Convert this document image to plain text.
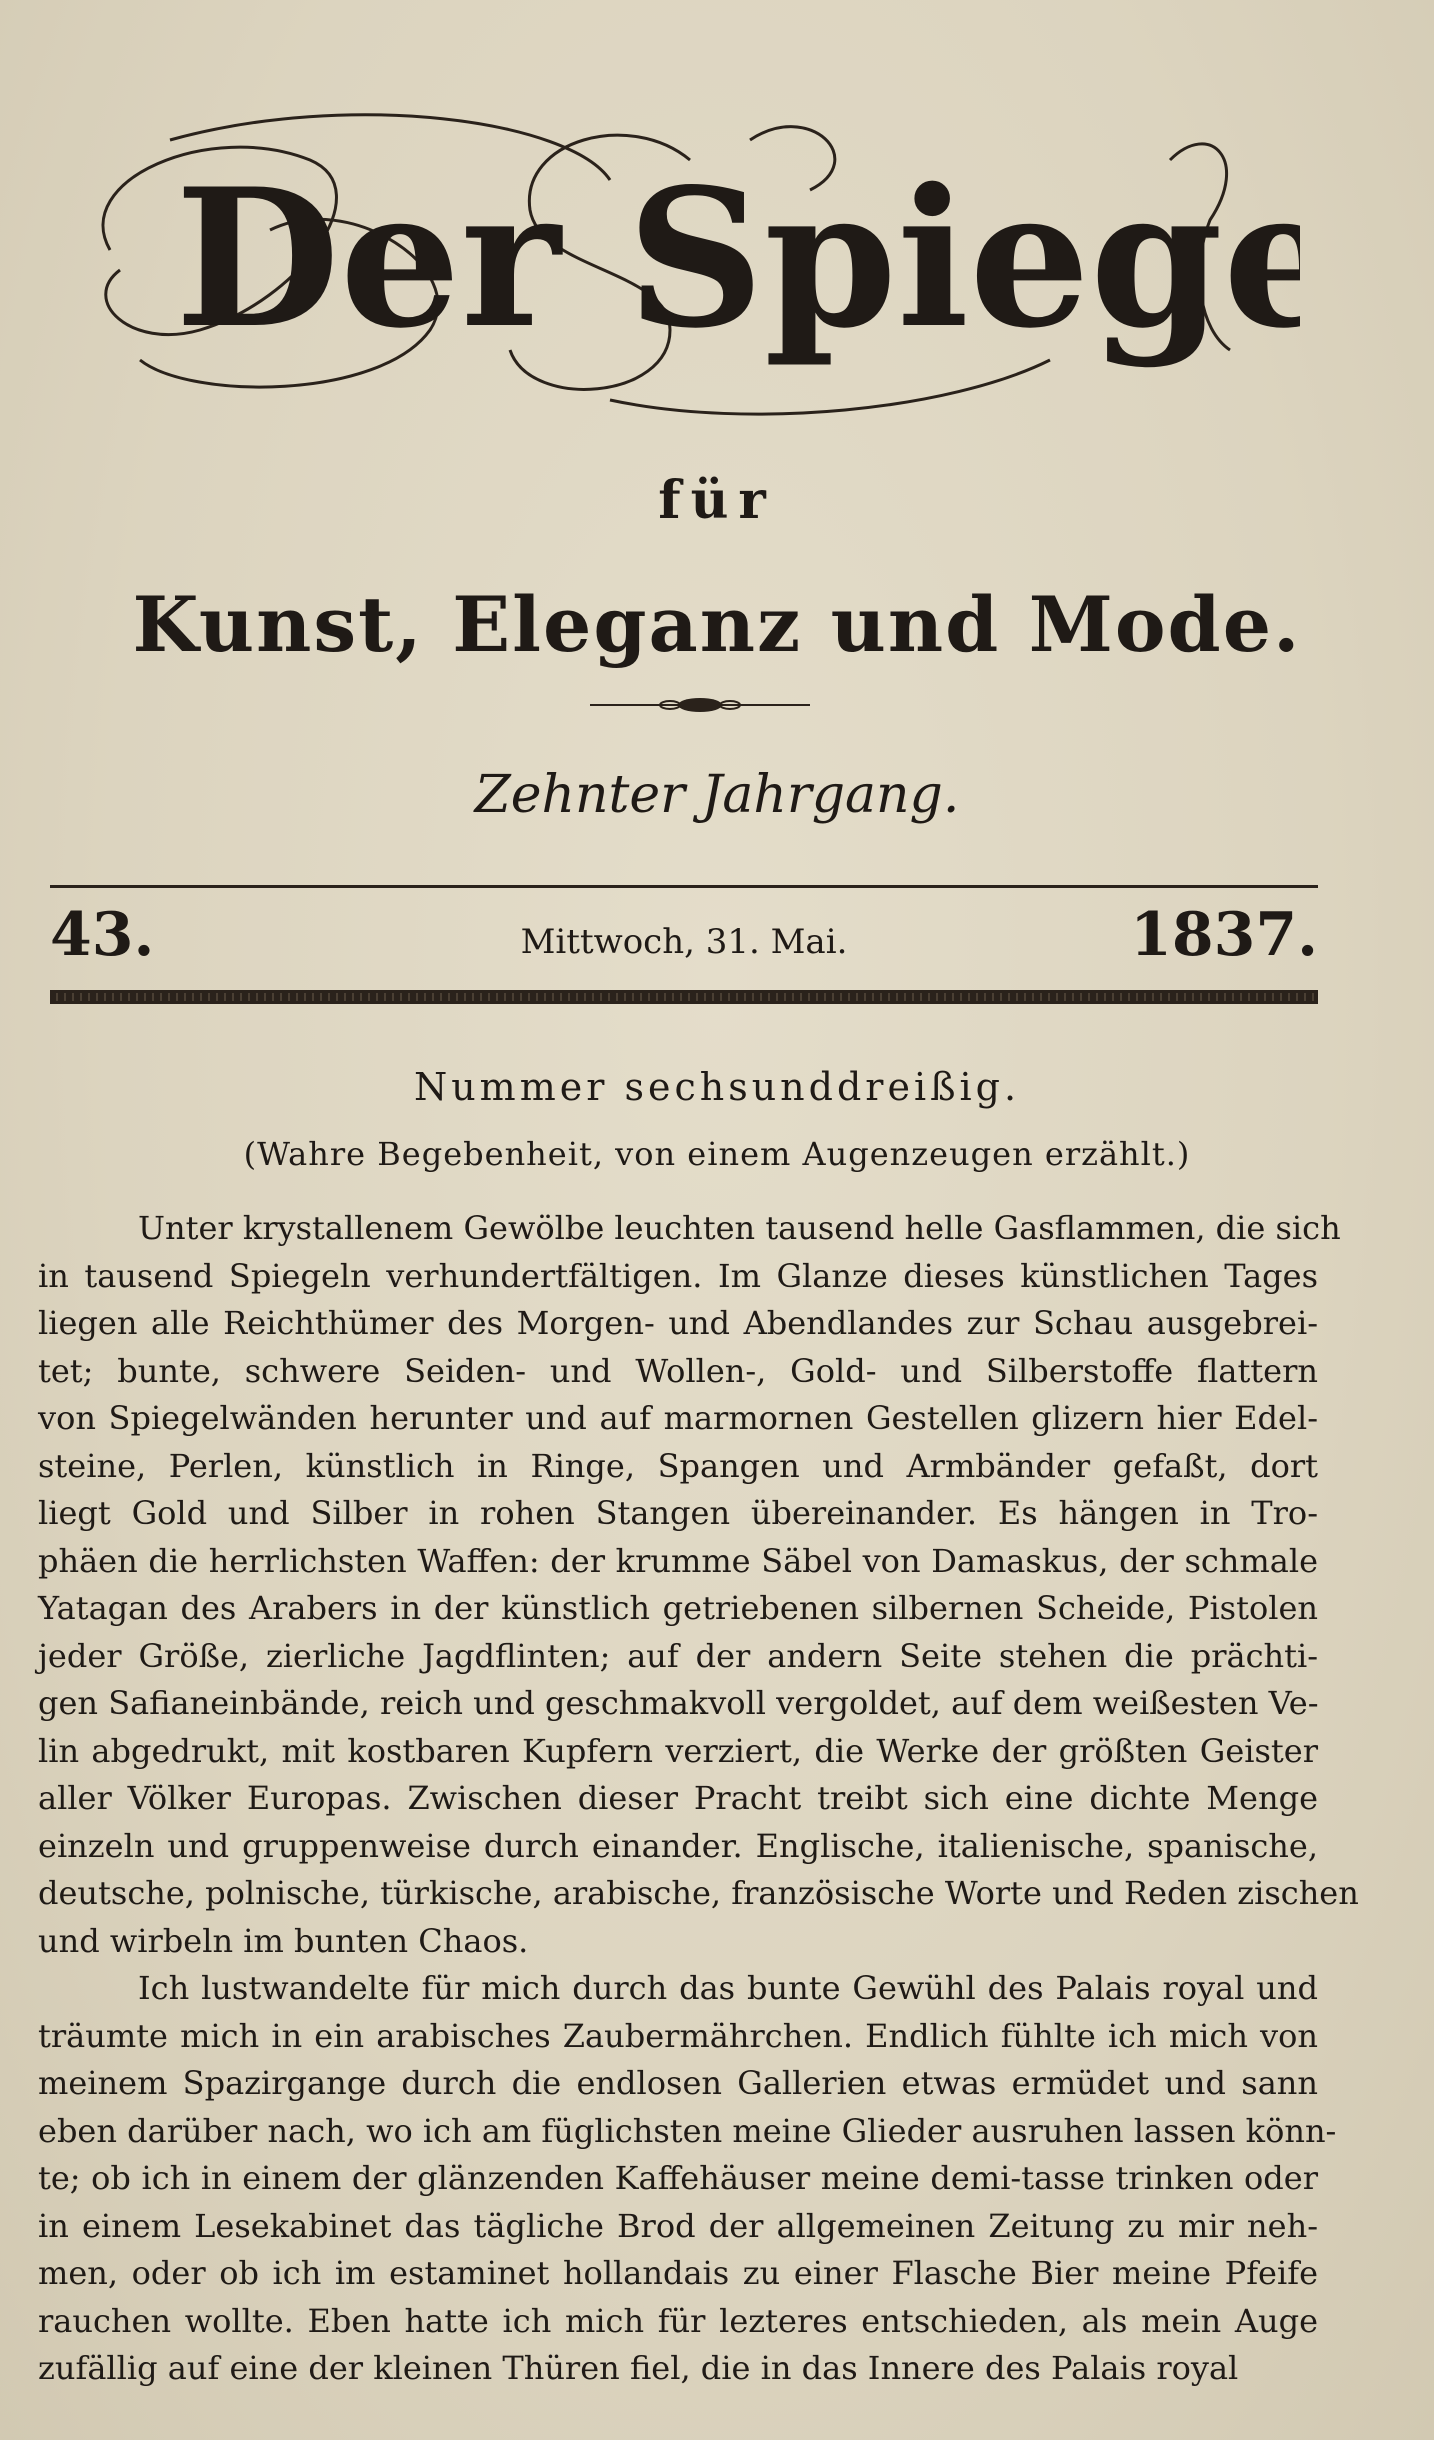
Der Spiegel
für
Kunst, Eleganz und Mode.
Zehnter Jahrgang.
43.	Mittwoch, 31. Mai.	1837.
Nummer sechsunddreißig.
(Wahre Begebenheit, von einem Augenzeugen erzählt.)
Unter krystallenem Gewölbe leuchten tausend helle Gasflammen, die sich
in tausend Spiegeln verhundertfältigen. Im Glanze dieses künstlichen Tages
liegen alle Reichthümer des Morgen- und Abendlandes zur Schau ausgebrei-
tet; bunte, schwere Seiden- und Wollen-, Gold- und Silberstoffe flattern
von Spiegelwänden herunter und auf marmornen Gestellen glizern hier Edel-
steine, Perlen, künstlich in Ringe, Spangen und Armbänder gefaßt, dort
liegt Gold und Silber in rohen Stangen übereinander. Es hängen in Tro-
phäen die herrlichsten Waffen: der krumme Säbel von Damaskus, der schmale
Yatagan des Arabers in der künstlich getriebenen silbernen Scheide, Pistolen
jeder Größe, zierliche Jagdflinten; auf der andern Seite stehen die prächti-
gen Safianeinbände, reich und geschmakvoll vergoldet, auf dem weißesten Ve-
lin abgedrukt, mit kostbaren Kupfern verziert, die Werke der größten Geister
aller Völker Europas. Zwischen dieser Pracht treibt sich eine dichte Menge
einzeln und gruppenweise durch einander. Englische, italienische, spanische,
deutsche, polnische, türkische, arabische, französische Worte und Reden zischen
und wirbeln im bunten Chaos.
Ich lustwandelte für mich durch das bunte Gewühl des Palais royal und
träumte mich in ein arabisches Zaubermährchen. Endlich fühlte ich mich von
meinem Spazirgange durch die endlosen Gallerien etwas ermüdet und sann
eben darüber nach, wo ich am füglichsten meine Glieder ausruhen lassen könn-
te; ob ich in einem der glänzenden Kaffehäuser meine demi-tasse trinken oder
in einem Lesekabinet das tägliche Brod der allgemeinen Zeitung zu mir neh-
men, oder ob ich im estaminet hollandais zu einer Flasche Bier meine Pfeife
rauchen wollte. Eben hatte ich mich für lezteres entschieden, als mein Auge
zufällig auf eine der kleinen Thüren fiel, die in das Innere des Palais royal
